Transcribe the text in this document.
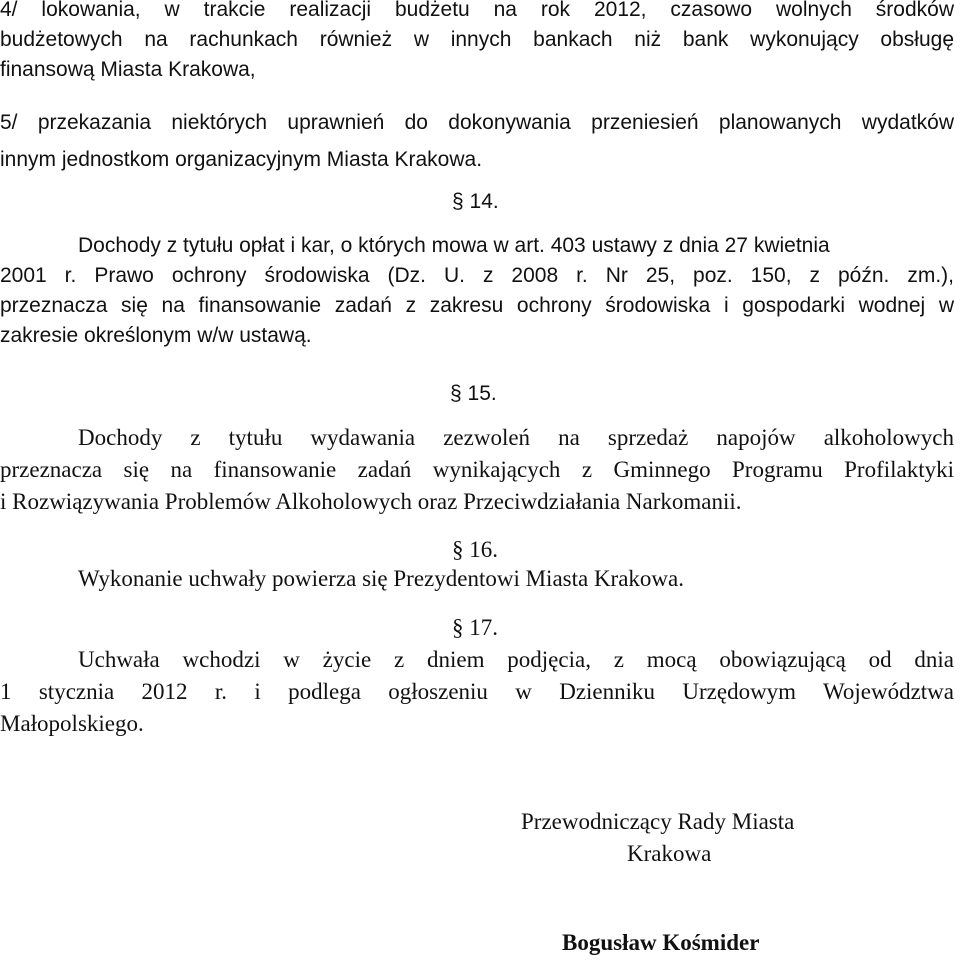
4/ lokowania, w trakcie realizacji budżetu na rok 2012, czasowo wolnych środków
budżetowych na rachunkach również w innych bankach niż bank wykonujący obsługę
finansową Miasta Krakowa,
5/ przekazania niektórych uprawnień do dokonywania przeniesień planowanych wydatków
innym jednostkom organizacyjnym Miasta Krakowa.
§ 14.
Dochody z tytułu opłat i kar, o których mowa w art. 403 ustawy z dnia 27 kwietnia
2001 r. Prawo ochrony środowiska (Dz. U. z 2008 r. Nr 25, poz. 150, z późn. zm.),
przeznacza się na finansowanie zadań z zakresu ochrony środowiska i gospodarki wodnej w
zakresie określonym w/w ustawą.
§ 15.
Dochody z tytułu wydawania zezwoleń na sprzedaż napojów alkoholowych
przeznacza się na finansowanie zadań wynikających z Gminnego Programu Profilaktyki
i Rozwiązywania Problemów Alkoholowych oraz Przeciwdziałania Narkomanii.
§ 16.
Wykonanie uchwały powierza się Prezydentowi Miasta Krakowa.
§ 17.
Uchwała wchodzi w życie z dniem podjęcia, z mocą obowiązującą od dnia
1 stycznia 2012 r. i podlega ogłoszeniu w Dzienniku Urzędowym Województwa
Małopolskiego.
Przewodniczący Rady Miasta
Krakowa
Bogusław Kośmider
